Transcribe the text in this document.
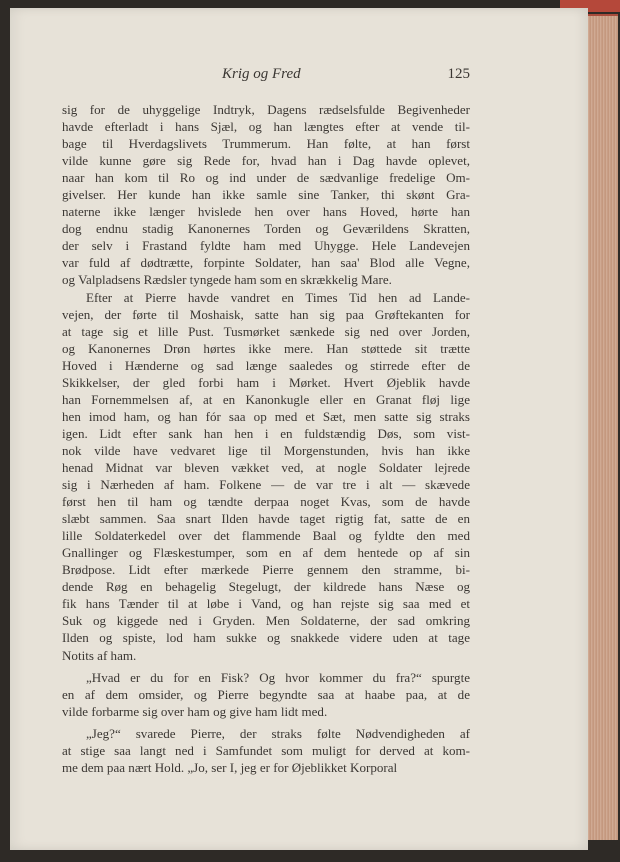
Krig og Fred	125
sig for de uhyggelige Indtryk, Dagens rædselsfulde Begivenheder
havde efterladt i hans Sjæl, og han længtes efter at vende til-
bage til Hverdagslivets Trummerum. Han følte, at han først
vilde kunne gøre sig Rede for, hvad han i Dag havde oplevet,
naar han kom til Ro og ind under de sædvanlige fredelige Om-
givelser. Her kunde han ikke samle sine Tanker, thi skønt Gra-
naterne ikke længer hvislede hen over hans Hoved, hørte han
dog endnu stadig Kanonernes Torden og Geværildens Skratten,
der selv i Frastand fyldte ham med Uhygge. Hele Landevejen
var fuld af dødtrætte, forpinte Soldater, han saa' Blod alle Vegne,
og Valpladsens Rædsler tyngede ham som en skrækkelig Mare.
Efter at Pierre havde vandret en Times Tid hen ad Lande-
vejen, der førte til Moshaisk, satte han sig paa Grøftekanten for
at tage sig et lille Pust. Tusmørket sænkede sig ned over Jorden,
og Kanonernes Drøn hørtes ikke mere. Han støttede sit trætte
Hoved i Hænderne og sad længe saaledes og stirrede efter de
Skikkelser, der gled forbi ham i Mørket. Hvert Øjeblik havde
han Fornemmelsen af, at en Kanonkugle eller en Granat fløj lige
hen imod ham, og han fór saa op med et Sæt, men satte sig straks
igen. Lidt efter sank han hen i en fuldstændig Døs, som vist-
nok vilde have vedvaret lige til Morgenstunden, hvis han ikke
henad Midnat var bleven vækket ved, at nogle Soldater lejrede
sig i Nærheden af ham. Folkene — de var tre i alt — skævede
først hen til ham og tændte derpaa noget Kvas, som de havde
slæbt sammen. Saa snart Ilden havde taget rigtig fat, satte de en
lille Soldaterkedel over det flammende Baal og fyldte den med
Gnallinger og Flæskestumper, som en af dem hentede op af sin
Brødpose. Lidt efter mærkede Pierre gennem den stramme, bi-
dende Røg en behagelig Stegelugt, der kildrede hans Næse og
fik hans Tænder til at løbe i Vand, og han rejste sig saa med et
Suk og kiggede ned i Gryden. Men Soldaterne, der sad omkring
Ilden og spiste, lod ham sukke og snakkede videre uden at tage
Notits af ham.
„Hvad er du for en Fisk? Og hvor kommer du fra?“ spurgte
en af dem omsider, og Pierre begyndte saa at haabe paa, at de
vilde forbarme sig over ham og give ham lidt med.
„Jeg?“ svarede Pierre, der straks følte Nødvendigheden af
at stige saa langt ned i Samfundet som muligt for derved at kom-
me dem paa nært Hold. „Jo, ser I, jeg er for Øjeblikket Korporal
